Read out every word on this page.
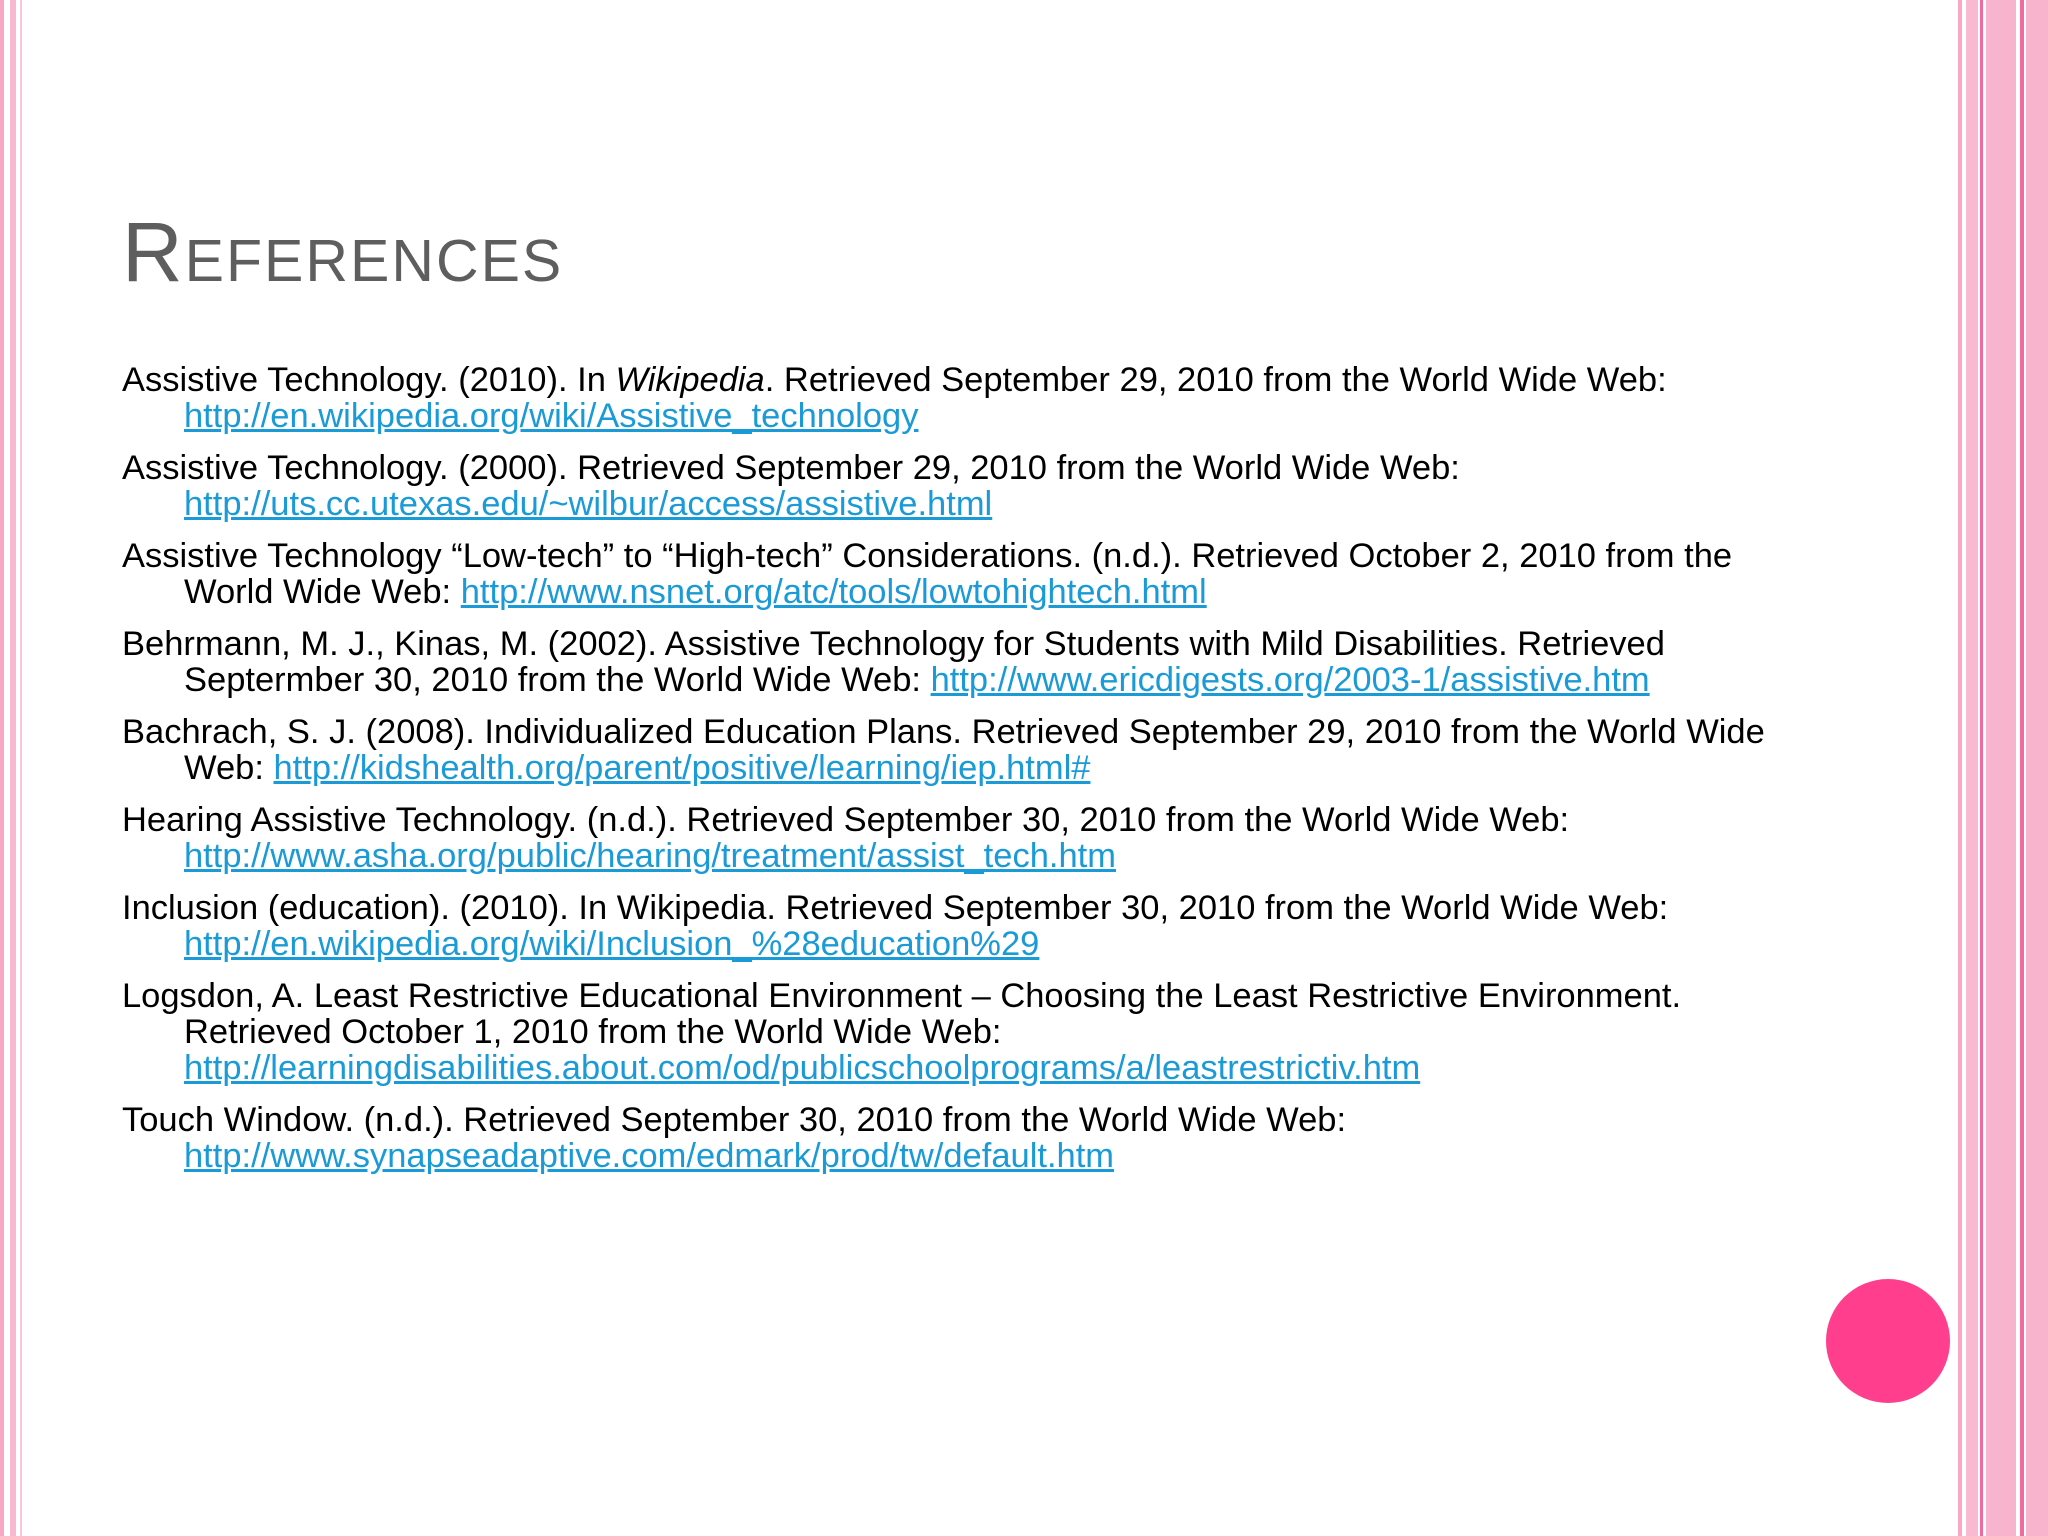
References
Assistive Technology. (2010). In Wikipedia. Retrieved September 29, 2010 from the World Wide Web: http://en.wikipedia.org/wiki/Assistive_technology
Assistive Technology. (2000). Retrieved September 29, 2010 from the World Wide Web: http://uts.cc.utexas.edu/~wilbur/access/assistive.html
Assistive Technology “Low-tech” to “High-tech” Considerations. (n.d.). Retrieved October 2, 2010 from the World Wide Web: http://www.nsnet.org/atc/tools/lowtohightech.html
Behrmann, M. J., Kinas, M. (2002). Assistive Technology for Students with Mild Disabilities. Retrieved Septermber 30, 2010 from the World Wide Web: http://www.ericdigests.org/2003-1/assistive.htm
Bachrach, S. J. (2008). Individualized Education Plans. Retrieved September 29, 2010 from the World Wide Web: http://kidshealth.org/parent/positive/learning/iep.html#
Hearing Assistive Technology. (n.d.). Retrieved September 30, 2010 from the World Wide Web: http://www.asha.org/public/hearing/treatment/assist_tech.htm
Inclusion (education). (2010). In Wikipedia. Retrieved September 30, 2010 from the World Wide Web: http://en.wikipedia.org/wiki/Inclusion_%28education%29
Logsdon, A. Least Restrictive Educational Environment – Choosing the Least Restrictive Environment. Retrieved October 1, 2010 from the World Wide Web: http://learningdisabilities.about.com/od/publicschoolprograms/a/leastrestrictiv.htm
Touch Window. (n.d.). Retrieved September 30, 2010 from the World Wide Web: http://www.synapseadaptive.com/edmark/prod/tw/default.htm
